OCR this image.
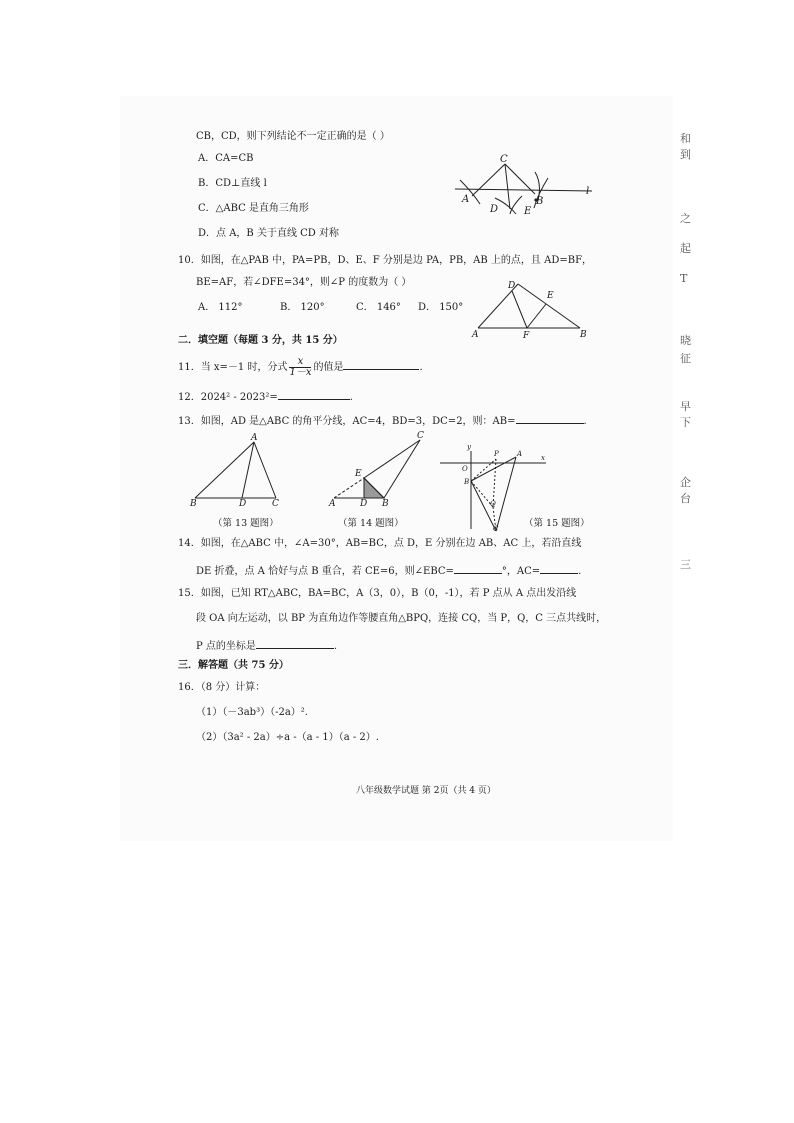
CB，CD，则下列结论不一定正确的是（ ）
A．CA=CB
B．CD⊥直线 l
C．△ABC 是直角三角形
D．点 A，B 关于直线 CD 对称
C
A
D	E
B
l
10．如图，在△PAB 中，PA=PB，D、E、F 分别是边 PA，PB，AB 上的点，且 AD=BF，
BE=AF，若∠DFE=34°，则∠P 的度数为（ ）
A． 112°	B． 120°	C． 146° D． 150°
D
E
A	F	B
二．填空题（每题 3 分，共 15 分）
11．当 x=－1 时，分式 $\frac{x}{1-x}$ 的值是	.
12．2024² - 2023²=	.
13．如图，AD 是△ABC 的角平分线，AC=4，BD=3，DC=2，则：AB=	.
A
B	D	C
（第 13 题图）
C
E
A	D B
（第 14 题图）
y
O
P	A	x
B
Q
C	（第 15 题图）
14．如图，在△ABC 中，∠A=30°，AB=BC，点 D，E 分别在边 AB、AC 上，若沿直线
DE 折叠，点 A 恰好与点 B 重合，若 CE=6，则∠EBC=	°，AC=	.
15．如图，已知 RT△ABC，BA=BC，A（3，0），B（0，-1），若 P 点从 A 点出发沿线
段 OA 向左运动，以 BP 为直角边作等腰直角△BPQ，连接 CQ，当 P，Q，C 三点共线时，
P 点的坐标是	.
三．解答题（共 75 分）
16．（8 分）计算：
（1）（－3ab³）（-2a）².
（2）（3a² - 2a）÷a -（a - 1）（a - 2）.
八年级数学试题 第 2页（共 4 页）
和
到
之
起
T
晓
征
早
下
企
台
三
